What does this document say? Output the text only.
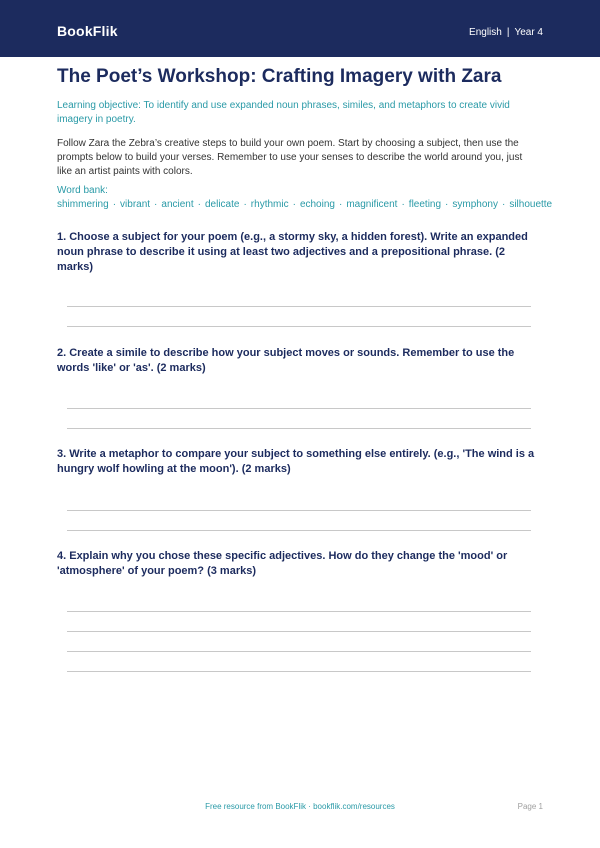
BookFlik	English | Year 4
The Poet’s Workshop: Crafting Imagery with Zara

Learning objective: To identify and use expanded noun phrases, similes, and metaphors to create vivid imagery in poetry.

Follow Zara the Zebra’s creative steps to build your own poem. Start by choosing a subject, then use the prompts below to build your verses. Remember to use your senses to describe the world around you, just like an artist paints with colors.

Word bank: shimmering · vibrant · ancient · delicate · rhythmic · echoing · magnificent · fleeting · symphony · silhouette

1. Choose a subject for your poem (e.g., a stormy sky, a hidden forest). Write an expanded noun phrase to describe it using at least two adjectives and a prepositional phrase. (2 marks)

2. Create a simile to describe how your subject moves or sounds. Remember to use the words 'like' or 'as'. (2 marks)

3. Write a metaphor to compare your subject to something else entirely. (e.g., 'The wind is a hungry wolf howling at the moon'). (2 marks)

4. Explain why you chose these specific adjectives. How do they change the 'mood' or 'atmosphere' of your poem? (3 marks)

Free resource from BookFlik · bookflik.com/resources	Page 1
